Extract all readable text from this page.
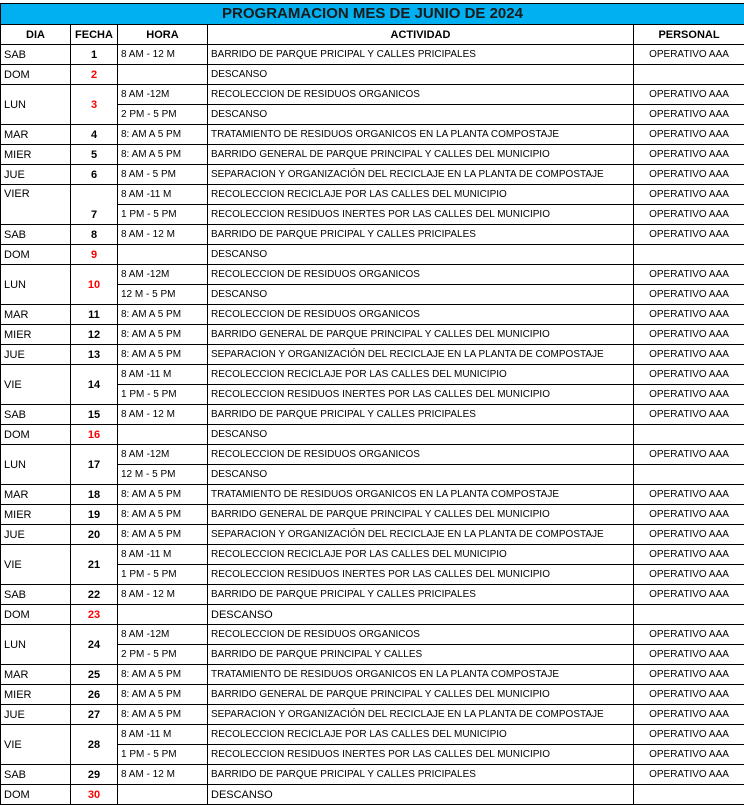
PROGRAMACION MES DE JUNIO DE 2024				
DIA	FECHA	HORA	ACTIVIDAD	PERSONAL
SAB	1	8 AM - 12 M	BARRIDO DE PARQUE PRICIPAL Y CALLES PRICIPALES	OPERATIVO AAA
DOM	2		DESCANSO	
LUN	3	8 AM -12M	RECOLECCION DE RESIDUOS ORGANICOS	OPERATIVO AAA
		2 PM - 5 PM	DESCANSO	OPERATIVO AAA
MAR	4	8: AM A 5 PM	TRATAMIENTO DE RESIDUOS ORGANICOS EN LA PLANTA COMPOSTAJE	OPERATIVO AAA
MIER	5	8: AM A 5 PM	BARRIDO GENERAL DE PARQUE PRINCIPAL Y CALLES DEL MUNICIPIO	OPERATIVO AAA
JUE	6	8 AM - 5 PM	SEPARACION Y ORGANIZACIÓN DEL RECICLAJE EN LA PLANTA DE COMPOSTAJE	OPERATIVO AAA
VIER	7	8 AM -11 M	RECOLECCION RECICLAJE POR LAS CALLES DEL MUNICIPIO	OPERATIVO AAA
		1 PM - 5 PM	RECOLECCION RESIDUOS INERTES POR LAS CALLES DEL MUNICIPIO	OPERATIVO AAA
SAB	8	8 AM - 12 M	BARRIDO DE PARQUE PRICIPAL Y CALLES PRICIPALES	OPERATIVO AAA
DOM	9		DESCANSO	
LUN	10	8 AM -12M	RECOLECCION DE RESIDUOS ORGANICOS	OPERATIVO AAA
		12 M - 5 PM	DESCANSO	OPERATIVO AAA
MAR	11	8: AM A 5 PM	RECOLECCION DE RESIDUOS ORGANICOS	OPERATIVO AAA
MIER	12	8: AM A 5 PM	BARRIDO GENERAL DE PARQUE PRINCIPAL Y CALLES DEL MUNICIPIO	OPERATIVO AAA
JUE	13	8: AM A 5 PM	SEPARACION Y ORGANIZACIÓN DEL RECICLAJE EN LA PLANTA DE COMPOSTAJE	OPERATIVO AAA
VIE	14	8 AM -11 M	RECOLECCION RECICLAJE POR LAS CALLES DEL MUNICIPIO	OPERATIVO AAA
		1 PM - 5 PM	RECOLECCION RESIDUOS INERTES POR LAS CALLES DEL MUNICIPIO	OPERATIVO AAA
SAB	15	8 AM - 12 M	BARRIDO DE PARQUE PRICIPAL Y CALLES PRICIPALES	OPERATIVO AAA
DOM	16		DESCANSO	
LUN	17	8 AM -12M	RECOLECCION DE RESIDUOS ORGANICOS	OPERATIVO AAA
		12 M - 5 PM	DESCANSO	
MAR	18	8: AM A 5 PM	TRATAMIENTO DE RESIDUOS ORGANICOS EN LA PLANTA COMPOSTAJE	OPERATIVO AAA
MIER	19	8: AM A 5 PM	BARRIDO GENERAL DE PARQUE PRINCIPAL Y CALLES DEL MUNICIPIO	OPERATIVO AAA
JUE	20	8: AM A 5 PM	SEPARACION Y ORGANIZACIÓN DEL RECICLAJE EN LA PLANTA DE COMPOSTAJE	OPERATIVO AAA
VIE	21	8 AM -11 M	RECOLECCION RECICLAJE POR LAS CALLES DEL MUNICIPIO	OPERATIVO AAA
		1 PM - 5 PM	RECOLECCION RESIDUOS INERTES POR LAS CALLES DEL MUNICIPIO	OPERATIVO AAA
SAB	22	8 AM - 12 M	BARRIDO DE PARQUE PRICIPAL Y CALLES PRICIPALES	OPERATIVO AAA
DOM	23		DESCANSO	
LUN	24	8 AM -12M	RECOLECCION DE RESIDUOS ORGANICOS	OPERATIVO AAA
		2 PM - 5 PM	BARRIDO DE PARQUE PRINCIPAL Y CALLES	OPERATIVO AAA
MAR	25	8: AM A 5 PM	TRATAMIENTO DE RESIDUOS ORGANICOS EN LA PLANTA COMPOSTAJE	OPERATIVO AAA
MIER	26	8: AM A 5 PM	BARRIDO GENERAL DE PARQUE PRINCIPAL Y CALLES DEL MUNICIPIO	OPERATIVO AAA
JUE	27	8: AM A 5 PM	SEPARACION Y ORGANIZACIÓN DEL RECICLAJE EN LA PLANTA DE COMPOSTAJE	OPERATIVO AAA
VIE	28	8 AM -11 M	RECOLECCION RECICLAJE POR LAS CALLES DEL MUNICIPIO	OPERATIVO AAA
		1 PM - 5 PM	RECOLECCION RESIDUOS INERTES POR LAS CALLES DEL MUNICIPIO	OPERATIVO AAA
SAB	29	8 AM - 12 M	BARRIDO DE PARQUE PRICIPAL Y CALLES PRICIPALES	OPERATIVO AAA
DOM	30		DESCANSO	
